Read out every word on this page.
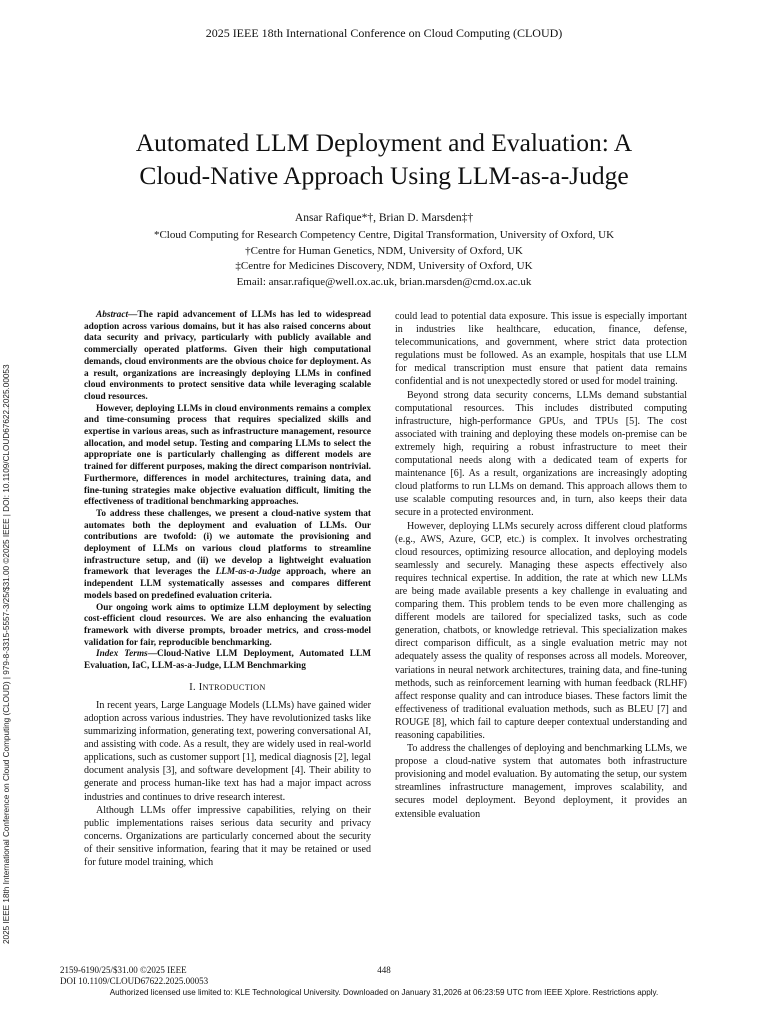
2025 IEEE 18th International Conference on Cloud Computing (CLOUD)
Automated LLM Deployment and Evaluation: A
Cloud-Native Approach Using LLM-as-a-Judge
Ansar Rafique*†, Brian D. Marsden‡†
*Cloud Computing for Research Competency Centre, Digital Transformation, University of Oxford, UK
†Centre for Human Genetics, NDM, University of Oxford, UK
‡Centre for Medicines Discovery, NDM, University of Oxford, UK
Email: ansar.rafique@well.ox.ac.uk, brian.marsden@cmd.ox.ac.uk
2025 IEEE 18th International Conference on Cloud Computing (CLOUD) | 979-8-3315-5557-3/25/$31.00 ©2025 IEEE | DOI: 10.1109/CLOUD67622.2025.00053

Abstract—The rapid advancement of LLMs has led to widespread adoption across various domains, but it has also raised concerns about data security and privacy, particularly with publicly available and commercially operated platforms. Given their high computational demands, cloud environments are the obvious choice for deployment. As a result, organizations are increasingly deploying LLMs in confined cloud environments to protect sensitive data while leveraging scalable cloud resources.

However, deploying LLMs in cloud environments remains a complex and time-consuming process that requires specialized skills and expertise in various areas, such as infrastructure management, resource allocation, and model setup. Testing and comparing LLMs to select the appropriate one is particularly challenging as different models are trained for different purposes, making the direct comparison nontrivial. Furthermore, differences in model architectures, training data, and fine-tuning strategies make objective evaluation difficult, limiting the effectiveness of traditional benchmarking approaches.

To address these challenges, we present a cloud-native system that automates both the deployment and evaluation of LLMs. Our contributions are twofold: (i) we automate the provisioning and deployment of LLMs on various cloud platforms to streamline infrastructure setup, and (ii) we develop a lightweight evaluation framework that leverages the LLM-as-a-Judge approach, where an independent LLM systematically assesses and compares different models based on predefined evaluation criteria.

Our ongoing work aims to optimize LLM deployment by selecting cost-efficient cloud resources. We are also enhancing the evaluation framework with diverse prompts, broader metrics, and cross-model validation for fair, reproducible benchmarking.

Index Terms—Cloud-Native LLM Deployment, Automated LLM Evaluation, IaC, LLM-as-a-Judge, LLM Benchmarking

I. INTRODUCTION

In recent years, Large Language Models (LLMs) have gained wider adoption across various industries. They have revolutionized tasks like summarizing information, generating text, powering conversational AI, and assisting with code. As a result, they are widely used in real-world applications, such as customer support [1], medical diagnosis [2], legal document analysis [3], and software development [4]. Their ability to generate and process human-like text has had a major impact across industries and continues to drive research interest.

Although LLMs offer impressive capabilities, relying on their public implementations raises serious data security and privacy concerns. Organizations are particularly concerned about the security of their sensitive information, fearing that it may be retained or used for future model training, which

could lead to potential data exposure. This issue is especially important in industries like healthcare, education, finance, defense, telecommunications, and government, where strict data protection regulations must be followed. As an example, hospitals that use LLM for medical transcription must ensure that patient data remains confidential and is not unexpectedly stored or used for model training.

Beyond strong data security concerns, LLMs demand substantial computational resources. This includes distributed computing infrastructure, high-performance GPUs, and TPUs [5]. The cost associated with training and deploying these models on-premise can be extremely high, requiring a robust infrastructure to meet their computational needs along with a dedicated team of experts for maintenance [6]. As a result, organizations are increasingly adopting cloud platforms to run LLMs on demand. This approach allows them to use scalable computing resources and, in turn, also keeps their data secure in a protected environment.

However, deploying LLMs securely across different cloud platforms (e.g., AWS, Azure, GCP, etc.) is complex. It involves orchestrating cloud resources, optimizing resource allocation, and deploying models seamlessly and securely. Managing these aspects effectively also requires technical expertise. In addition, the rate at which new LLMs are being made available presents a key challenge in evaluating and comparing them. This problem tends to be even more challenging as different models are tailored for specialized tasks, such as code generation, chatbots, or knowledge retrieval. This specialization makes direct comparison difficult, as a single evaluation metric may not adequately assess the quality of responses across all models. Moreover, variations in neural network architectures, training data, and fine-tuning methods, such as reinforcement learning with human feedback (RLHF) affect response quality and can introduce biases. These factors limit the effectiveness of traditional evaluation methods, such as BLEU [7] and ROUGE [8], which fail to capture deeper contextual understanding and reasoning capabilities.

To address the challenges of deploying and benchmarking LLMs, we propose a cloud-native system that automates both infrastructure provisioning and model evaluation. By automating the setup, our system streamlines infrastructure management, improves scalability, and secures model deployment. Beyond deployment, it provides an extensible evaluation

2159-6190/25/$31.00 ©2025 IEEE
DOI 10.1109/CLOUD67622.2025.00053
448
Authorized licensed use limited to: KLE Technological University. Downloaded on January 31,2026 at 06:23:59 UTC from IEEE Xplore. Restrictions apply.
